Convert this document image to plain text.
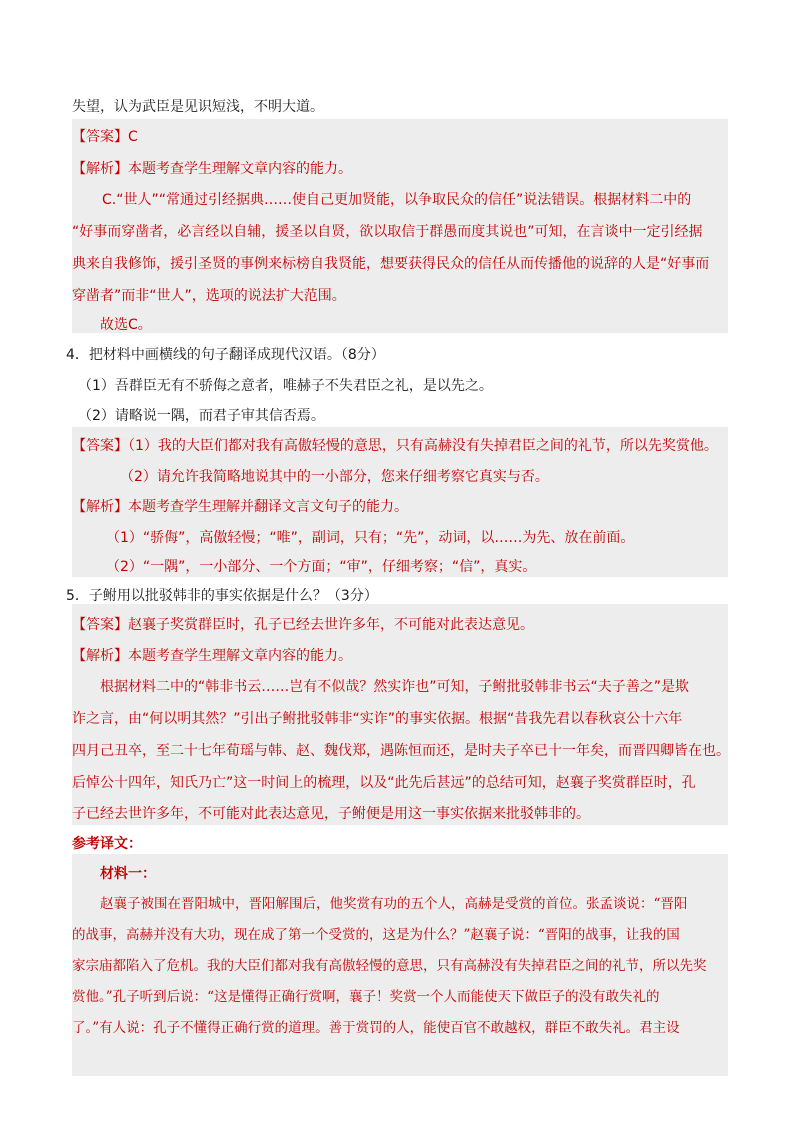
失望，认为武臣是见识短浅，不明大道。
【答案】C
【解析】本题考查学生理解文章内容的能力。
C.“世人”“常通过引经据典……使自己更加贤能，以争取民众的信任”说法错误。根据材料二中的
“好事而穿凿者，必言经以自辅，援圣以自贤，欲以取信于群愚而度其说也”可知，在言谈中一定引经据
典来自我修饰，援引圣贤的事例来标榜自我贤能，想要获得民众的信任从而传播他的说辞的人是“好事而
穿凿者”而非“世人”，选项的说法扩大范围。
故选C。
4．把材料中画横线的句子翻译成现代汉语。（8分）
（1）吾群臣无有不骄侮之意者，唯赫子不失君臣之礼，是以先之。
（2）请略说一隅，而君子审其信否焉。
【答案】（1）我的大臣们都对我有高傲轻慢的意思，只有高赫没有失掉君臣之间的礼节，所以先奖赏他。
（2）请允许我简略地说其中的一小部分，您来仔细考察它真实与否。
【解析】本题考查学生理解并翻译文言文句子的能力。
（1）“骄侮”，高傲轻慢；“唯”，副词，只有；“先”，动词，以……为先、放在前面。
（2）“一隅”，一小部分、一个方面；“审”，仔细考察；“信”，真实。
5．子鲋用以批驳韩非的事实依据是什么？（3分）
【答案】赵襄子奖赏群臣时，孔子已经去世许多年，不可能对此表达意见。
【解析】本题考查学生理解文章内容的能力。
根据材料二中的“韩非书云……岂有不似哉？然实诈也”可知，子鲋批驳韩非书云“夫子善之”是欺
诈之言，由“何以明其然？”引出子鲋批驳韩非“实诈”的事实依据。根据“昔我先君以春秋哀公十六年
四月己丑卒，至二十七年荀瑶与韩、赵、魏伐郑，遇陈恒而还，是时夫子卒已十一年矣，而晋四卿皆在也。
后悼公十四年，知氏乃亡”这一时间上的梳理，以及“此先后甚远”的总结可知，赵襄子奖赏群臣时，孔
子已经去世许多年，不可能对此表达意见，子鲋便是用这一事实依据来批驳韩非的。
参考译文：
材料一：
赵襄子被围在晋阳城中，晋阳解围后，他奖赏有功的五个人，高赫是受赏的首位。张孟谈说：“晋阳
的战事，高赫并没有大功，现在成了第一个受赏的，这是为什么？”赵襄子说：“晋阳的战事，让我的国
家宗庙都陷入了危机。我的大臣们都对我有高傲轻慢的意思，只有高赫没有失掉君臣之间的礼节，所以先奖
赏他。”孔子听到后说：“这是懂得正确行赏啊，襄子！奖赏一个人而能使天下做臣子的没有敢失礼的
了。”有人说：孔子不懂得正确行赏的道理。善于赏罚的人，能使百官不敢越权，群臣不敢失礼。君主设
